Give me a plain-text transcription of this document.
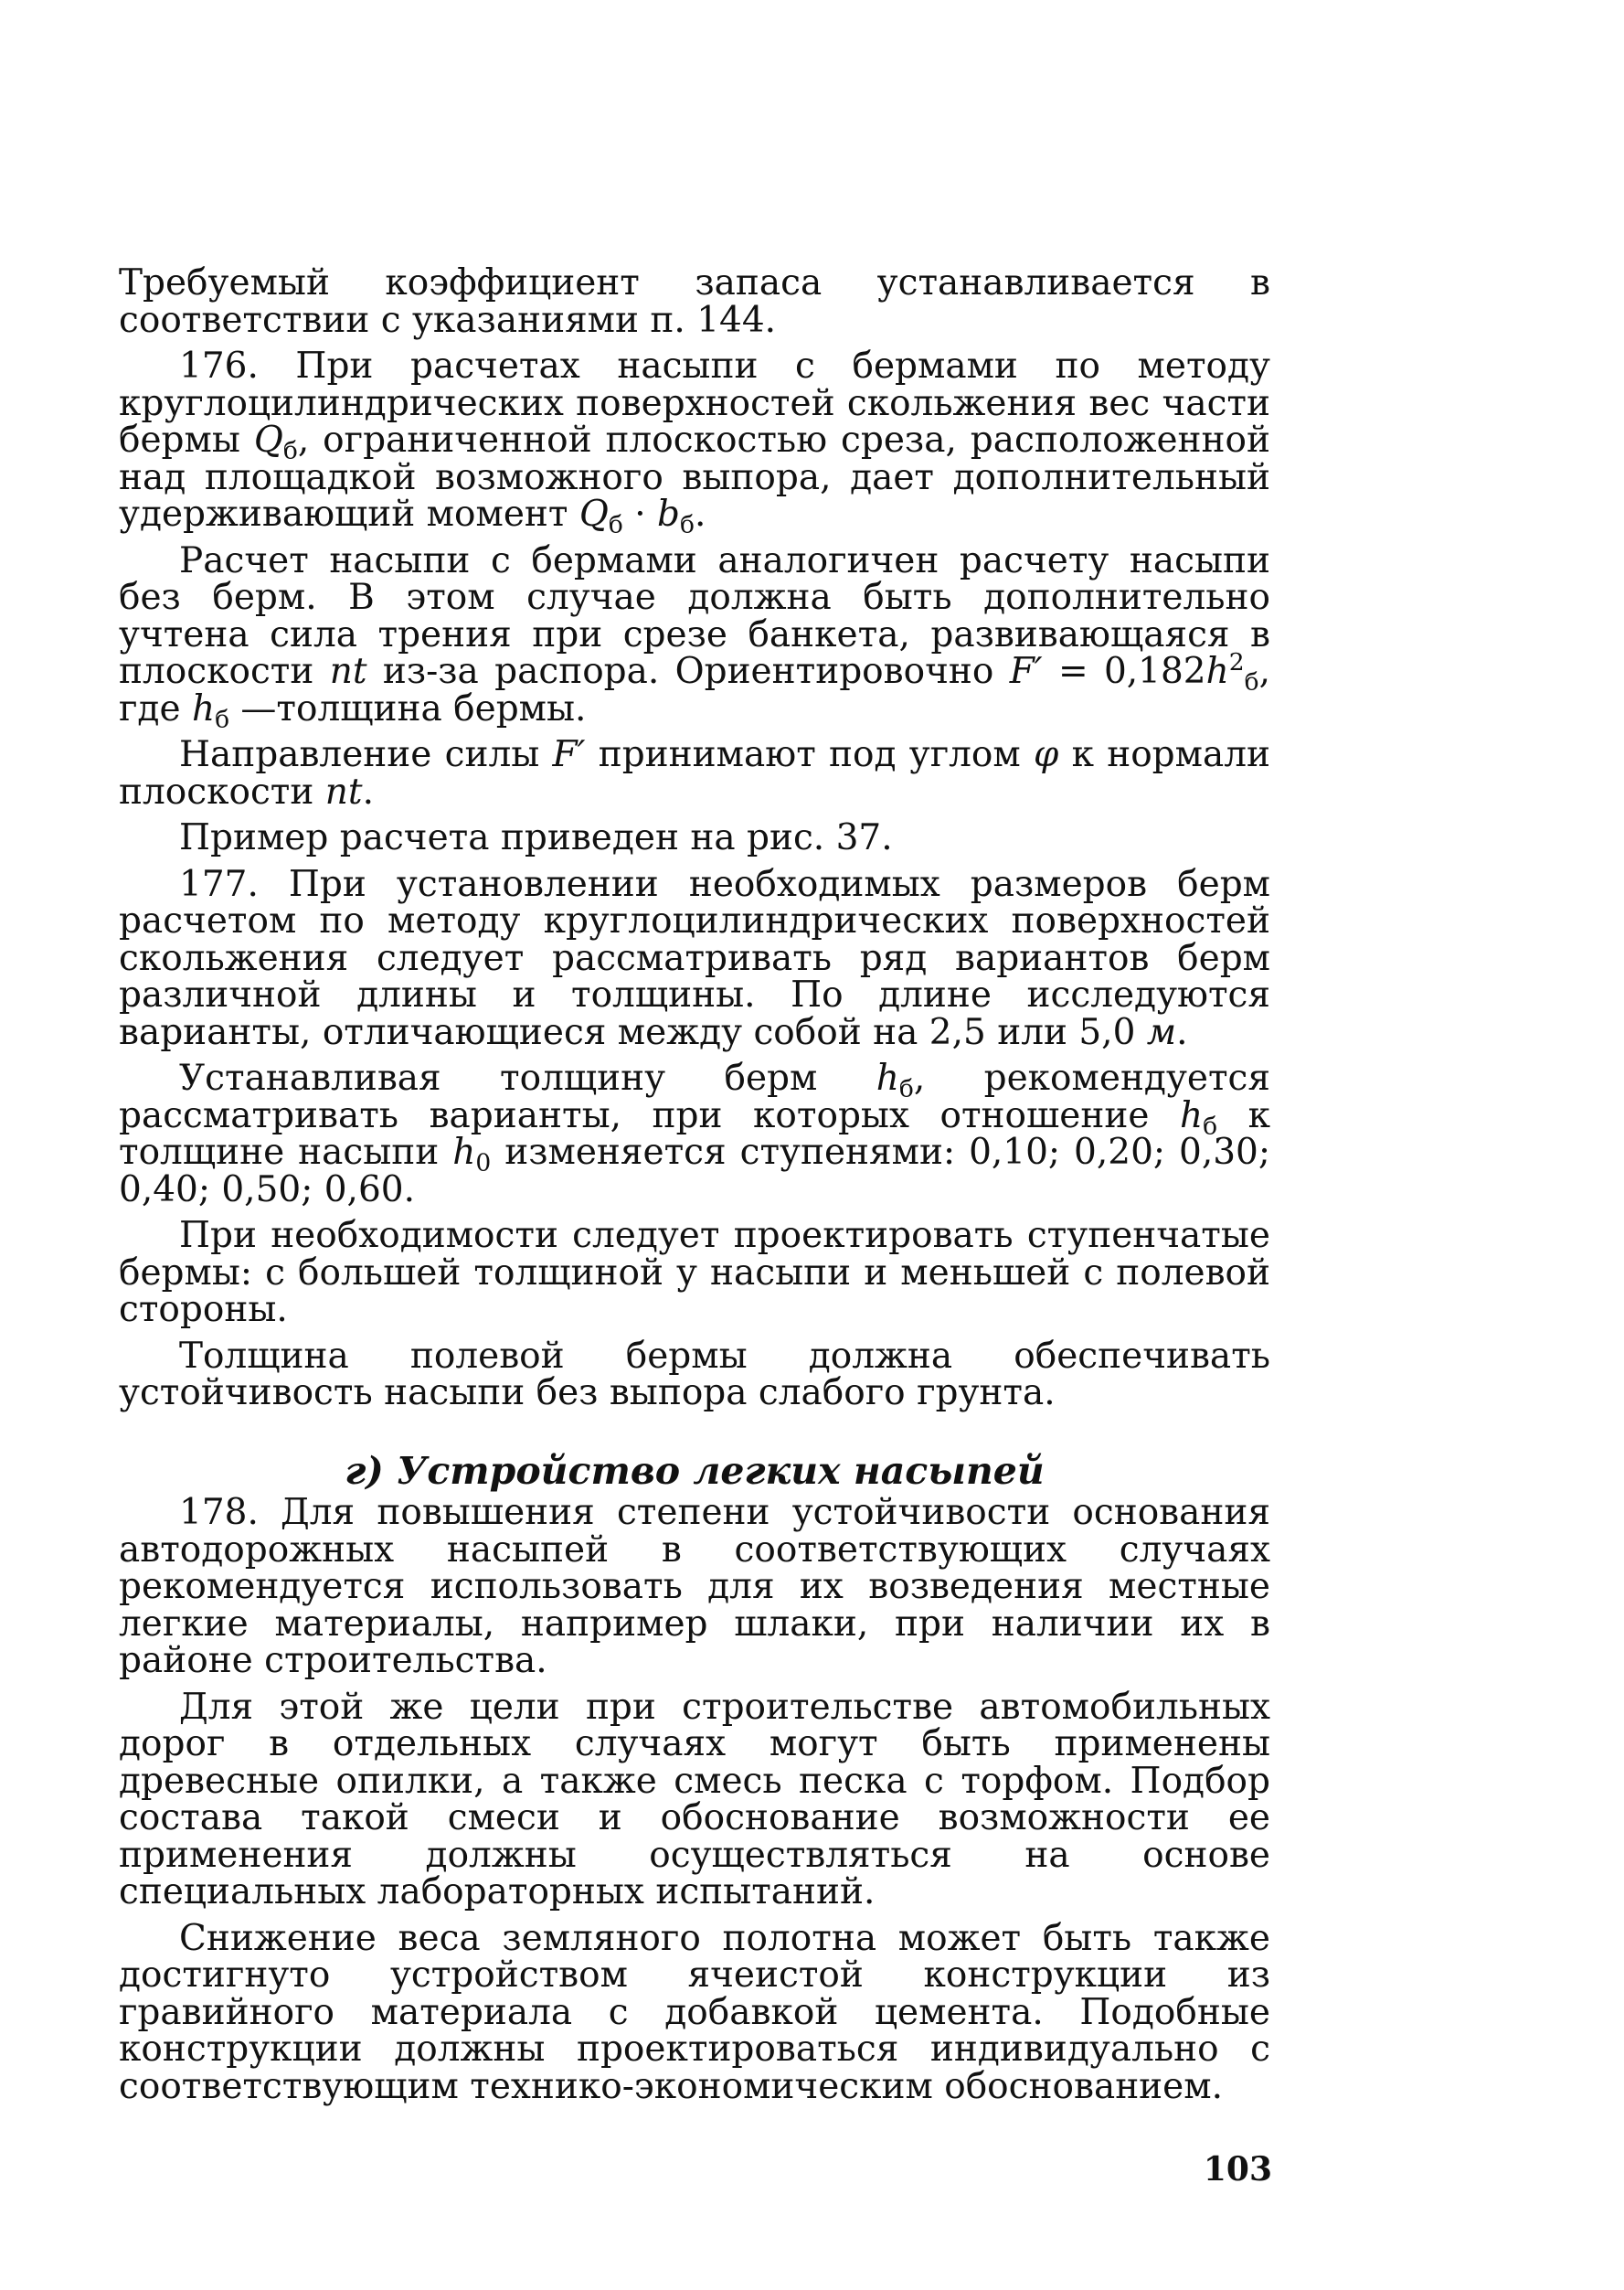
Требуемый коэффициент запаса устанавливается в соответствии с указаниями п. 144.

176. При расчетах насыпи с бермами по методу круглоцилиндрических поверхностей скольжения вес части бермы $Q_б$, ограниченной плоскостью среза, расположенной над площадкой возможного выпора, дает дополнительный удерживающий момент $Q_б \cdot b_б$.

Расчет насыпи с бермами аналогичен расчету насыпи без берм. В этом случае должна быть дополнительно учтена сила трения при срезе банкета, развивающаяся в плоскости nt из-за распора. Ориентировочно $F' = 0,182h^2_б$, где $h_б$ —толщина бермы.

Направление силы F′ принимают под углом φ к нормали плоскости nt.

Пример расчета приведен на рис. 37.

177. При установлении необходимых размеров берм расчетом по методу круглоцилиндрических поверхностей скольжения следует рассматривать ряд вариантов берм различной длины и толщины. По длине исследуются варианты, отличающиеся между собой на 2,5 или 5,0 м.

Устанавливая толщину берм $h_б$, рекомендуется рассматривать варианты, при которых отношение $h_б$ к толщине насыпи $h_0$ изменяется ступенями: 0,10; 0,20; 0,30; 0,40; 0,50; 0,60.

При необходимости следует проектировать ступенчатые бермы: с большей толщиной у насыпи и меньшей с полевой стороны.

Толщина полевой бермы должна обеспечивать устойчивость насыпи без выпора слабого грунта.

г) Устройство легких насыпей

178. Для повышения степени устойчивости основания автодорожных насыпей в соответствующих случаях рекомендуется использовать для их возведения местные легкие материалы, например шлаки, при наличии их в районе строительства.

Для этой же цели при строительстве автомобильных дорог в отдельных случаях могут быть применены древесные опилки, а также смесь песка с торфом. Подбор состава такой смеси и обоснование возможности ее применения должны осуществляться на основе специальных лабораторных испытаний.

Снижение веса земляного полотна может быть также достигнуто устройством ячеистой конструкции из гравийного материала с добавкой цемента. Подобные конструкции должны проектироваться индивидуально с соответствующим технико-экономическим обоснованием.

103
